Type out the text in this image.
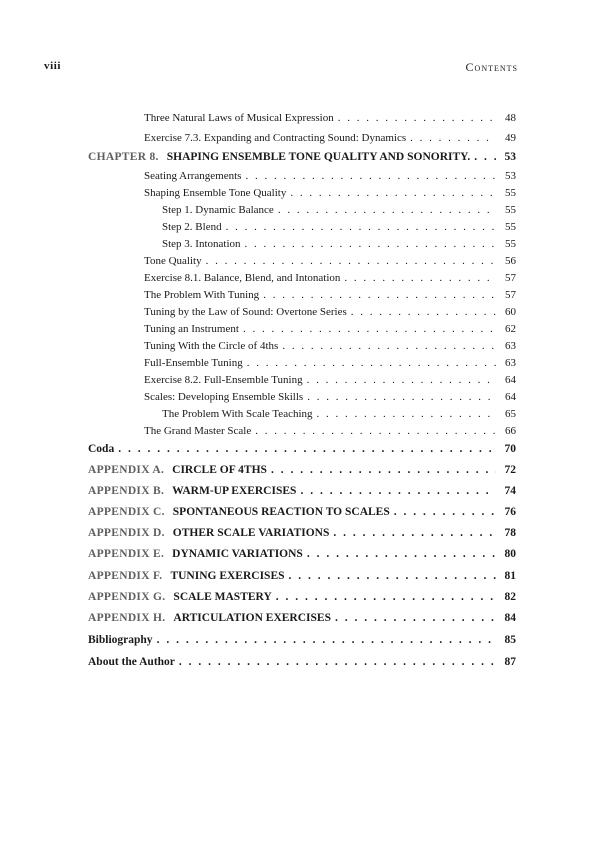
viii	Contents
Three Natural Laws of Musical Expression . . .	48
Exercise 7.3. Expanding and Contracting Sound: Dynamics . . .	49
CHAPTER 8. SHAPING ENSEMBLE TONE QUALITY AND SONORITY. . . .	53
Seating Arrangements . . .	53
Shaping Ensemble Tone Quality . . .	55
Step 1. Dynamic Balance . . .	55
Step 2. Blend . . .	55
Step 3. Intonation . . .	55
Tone Quality . . .	56
Exercise 8.1. Balance, Blend, and Intonation . . .	57
The Problem With Tuning . . .	57
Tuning by the Law of Sound: Overtone Series . . .	60
Tuning an Instrument . . .	62
Tuning With the Circle of 4ths . . .	63
Full-Ensemble Tuning . . .	63
Exercise 8.2. Full-Ensemble Tuning . . .	64
Scales: Developing Ensemble Skills . . .	64
The Problem With Scale Teaching . . .	65
The Grand Master Scale . . .	66
Coda . . .	70
APPENDIX A. CIRCLE OF 4THS . . .	72
APPENDIX B. WARM-UP EXERCISES . . .	74
APPENDIX C. SPONTANEOUS REACTION TO SCALES . . .	76
APPENDIX D. OTHER SCALE VARIATIONS . . .	78
APPENDIX E. DYNAMIC VARIATIONS . . .	80
APPENDIX F. TUNING EXERCISES . . .	81
APPENDIX G. SCALE MASTERY . . .	82
APPENDIX H. ARTICULATION EXERCISES . . .	84
Bibliography . . .	85
About the Author . . .	87
